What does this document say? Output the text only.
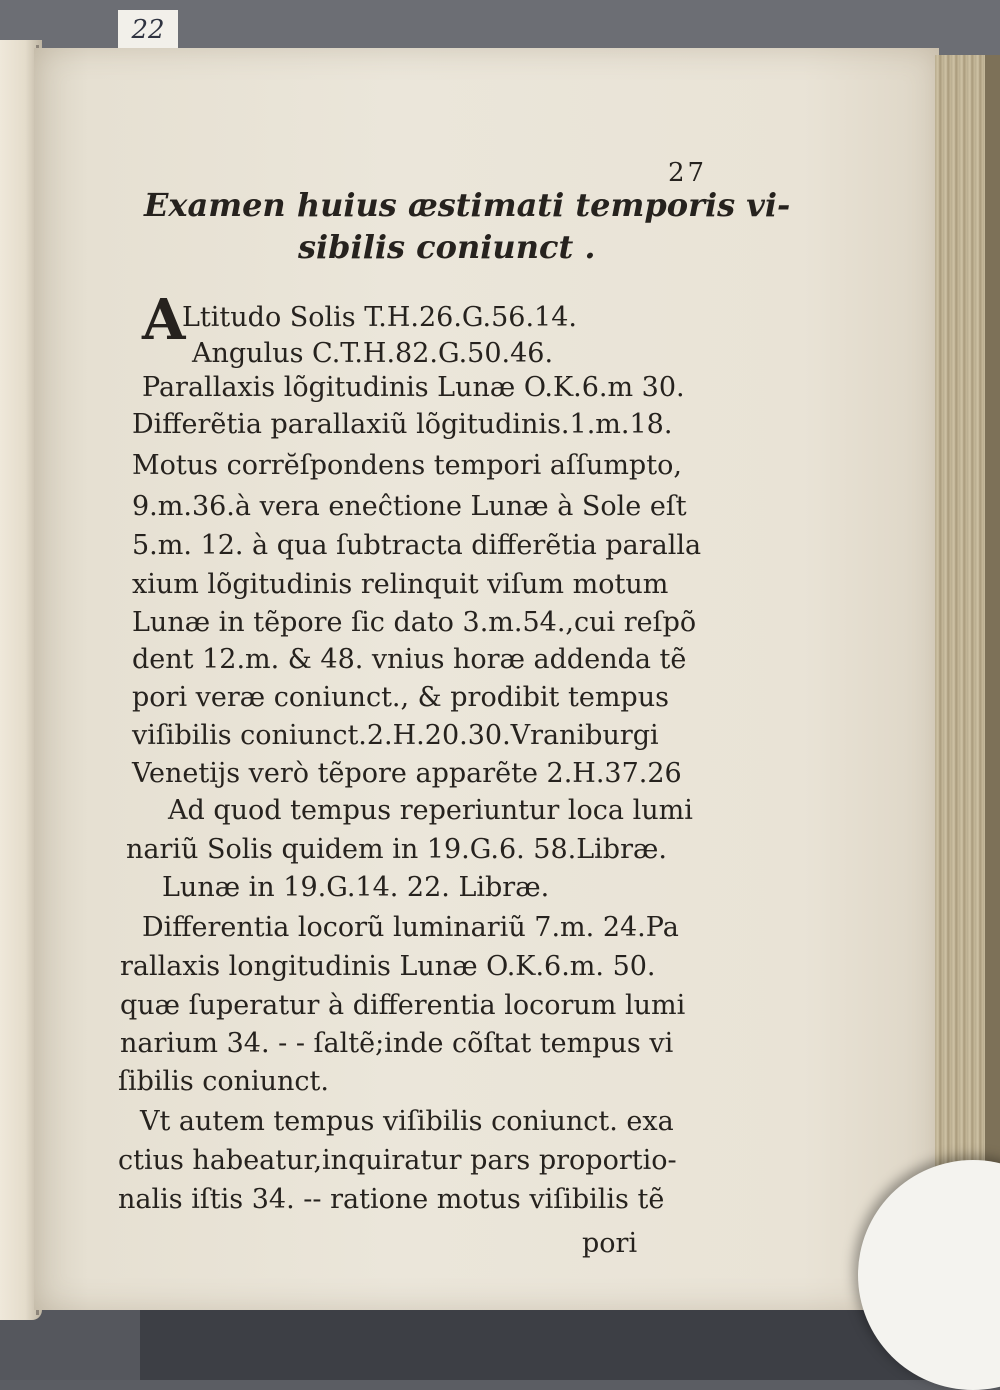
22
27
Examen huius æstimati temporis vi-
sibilis coniunct .
A
Ltitudo Solis T.H.26.G.56.14.
Angulus C.T.H.82.G.50.46.
Parallaxis lõgitudinis Lunæ O.K.6.m 30.
Differẽtia parallaxiũ lõgitudinis.1.m.18.
Motus corrĕſpondens tempori aſſumpto,
9.m.36.à vera eneĉtione Lunæ à Sole eſt
5.m. 12. à qua ſubtracta differẽtia paralla
xium lõgitudinis relinquit viſum motum
Lunæ in tẽpore ſic dato 3.m.54.,cui reſpõ
dent 12.m. & 48. vnius horæ addenda tẽ
pori veræ coniunct., & prodibit tempus
viſibilis coniunct.2.H.20.30.Vraniburgi
Venetijs verò tẽpore apparẽte 2.H.37.26
Ad quod tempus reperiuntur loca lumi
nariũ Solis quidem in 19.G.6. 58.Libræ.
Lunæ in 19.G.14. 22. Libræ.
Differentia locorũ luminariũ 7.m. 24.Pa
rallaxis longitudinis Lunæ O.K.6.m. 50.
quæ ſuperatur à differentia locorum lumi
narium 34. - - ſaltẽ;inde cõſtat tempus vi
ſibilis coniunct.
Vt autem tempus viſibilis coniunct. exa
ctius habeatur,inquiratur pars proportio-
nalis iſtis 34. -- ratione motus viſibilis tẽ
pori
